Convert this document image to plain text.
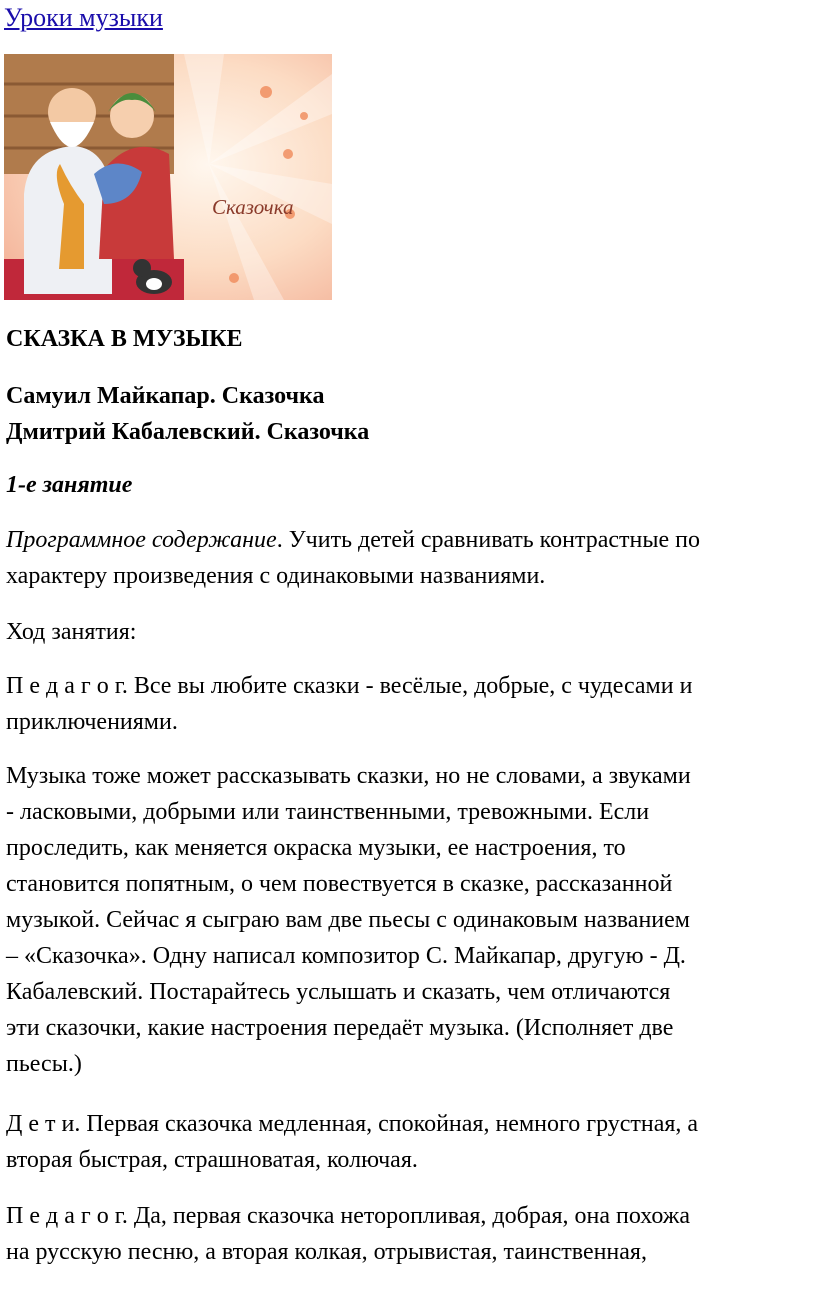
Уроки музыки
Сказочка
СКАЗКА В МУЗЫКЕ
Самуил Майкапар. Сказочка
Дмитрий Кабалевский. Сказочка
1-е занятие

Программное содержание. Учить детей сравнивать контрастные по
характеру произведения с одинаковыми названиями.

Ход занятия:

П е д а г о г. Все вы любите сказки - весёлые, добрые, с чудесами и
приключениями.

Музыка тоже может рассказывать сказки, но не словами, а звуками
- ласковыми, добрыми или таинственными, тревожными. Если
проследить, как меняется окраска музыки, ее настроения, то
становится попятным, о чем повествуется в сказке, рассказанной
музыкой. Сейчас я сыграю вам две пьесы с одинаковым названием
– «Сказочка». Одну написал композитор С. Майкапар, другую - Д.
Кабалевский. Постарайтесь услышать и сказать, чем отличаются
эти сказочки, какие настроения передаёт музыка. (Исполняет две
пьесы.)

Д е т и. Первая сказочка медленная, спокойная, немного грустная, а
вторая быстрая, страшноватая, колючая.

П е д а г о г. Да, первая сказочка неторопливая, добрая, она похожа
на русскую песню, а вторая колкая, отрывистая, таинственная,
